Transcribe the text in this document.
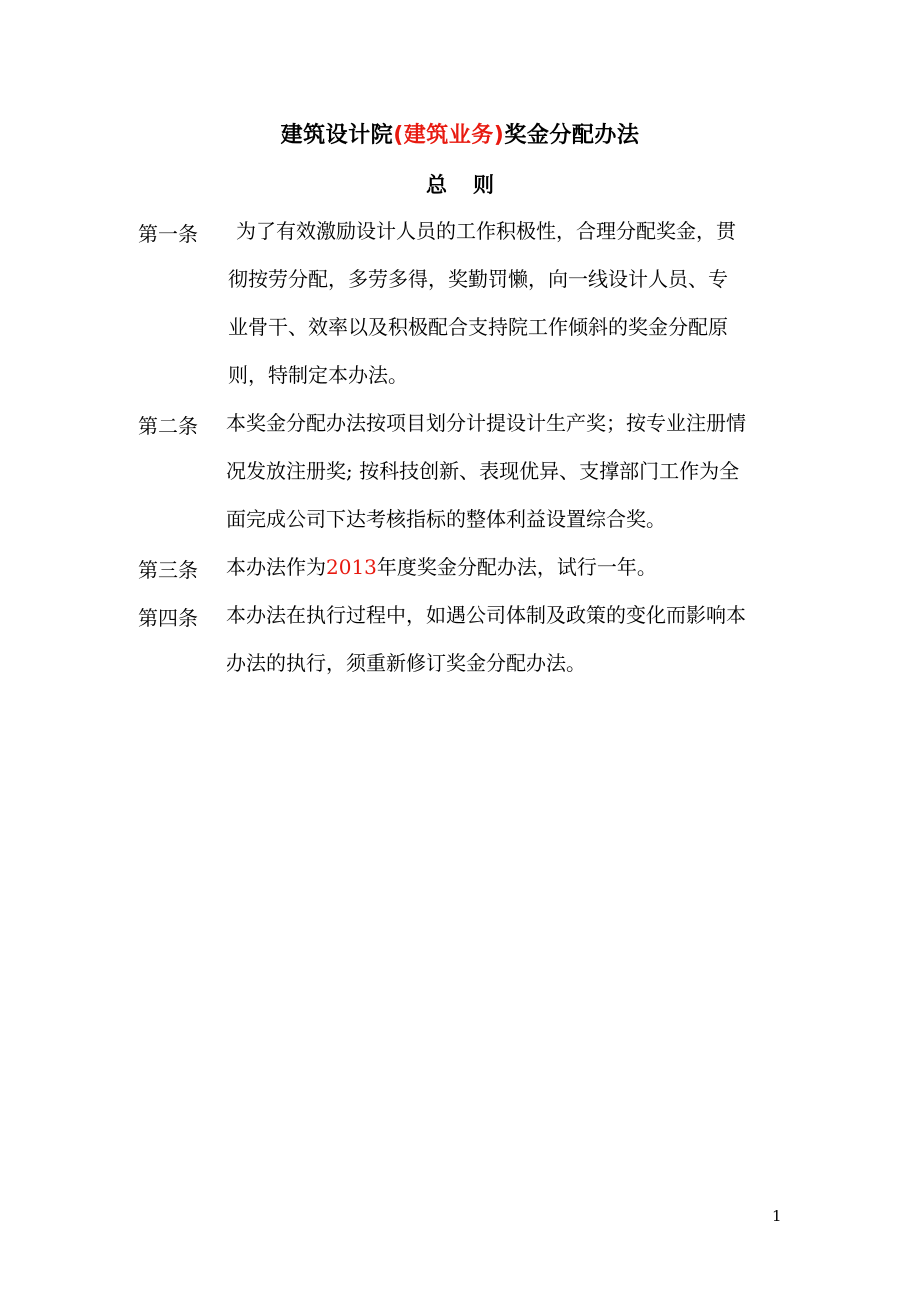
建筑设计院(建筑业务)奖金分配办法
总 则
第一条 为了有效激励设计人员的工作积极性，合理分配奖金，贯
彻按劳分配，多劳多得，奖勤罚懒，向一线设计人员、专
业骨干、效率以及积极配合支持院工作倾斜的奖金分配原
则，特制定本办法。
第二条 本奖金分配办法按项目划分计提设计生产奖；按专业注册情
况发放注册奖; 按科技创新、表现优异、支撑部门工作为全
面完成公司下达考核指标的整体利益设置综合奖。
第三条 本办法作为2013年度奖金分配办法，试行一年。
第四条 本办法在执行过程中，如遇公司体制及政策的变化而影响本
办法的执行，须重新修订奖金分配办法。
1
